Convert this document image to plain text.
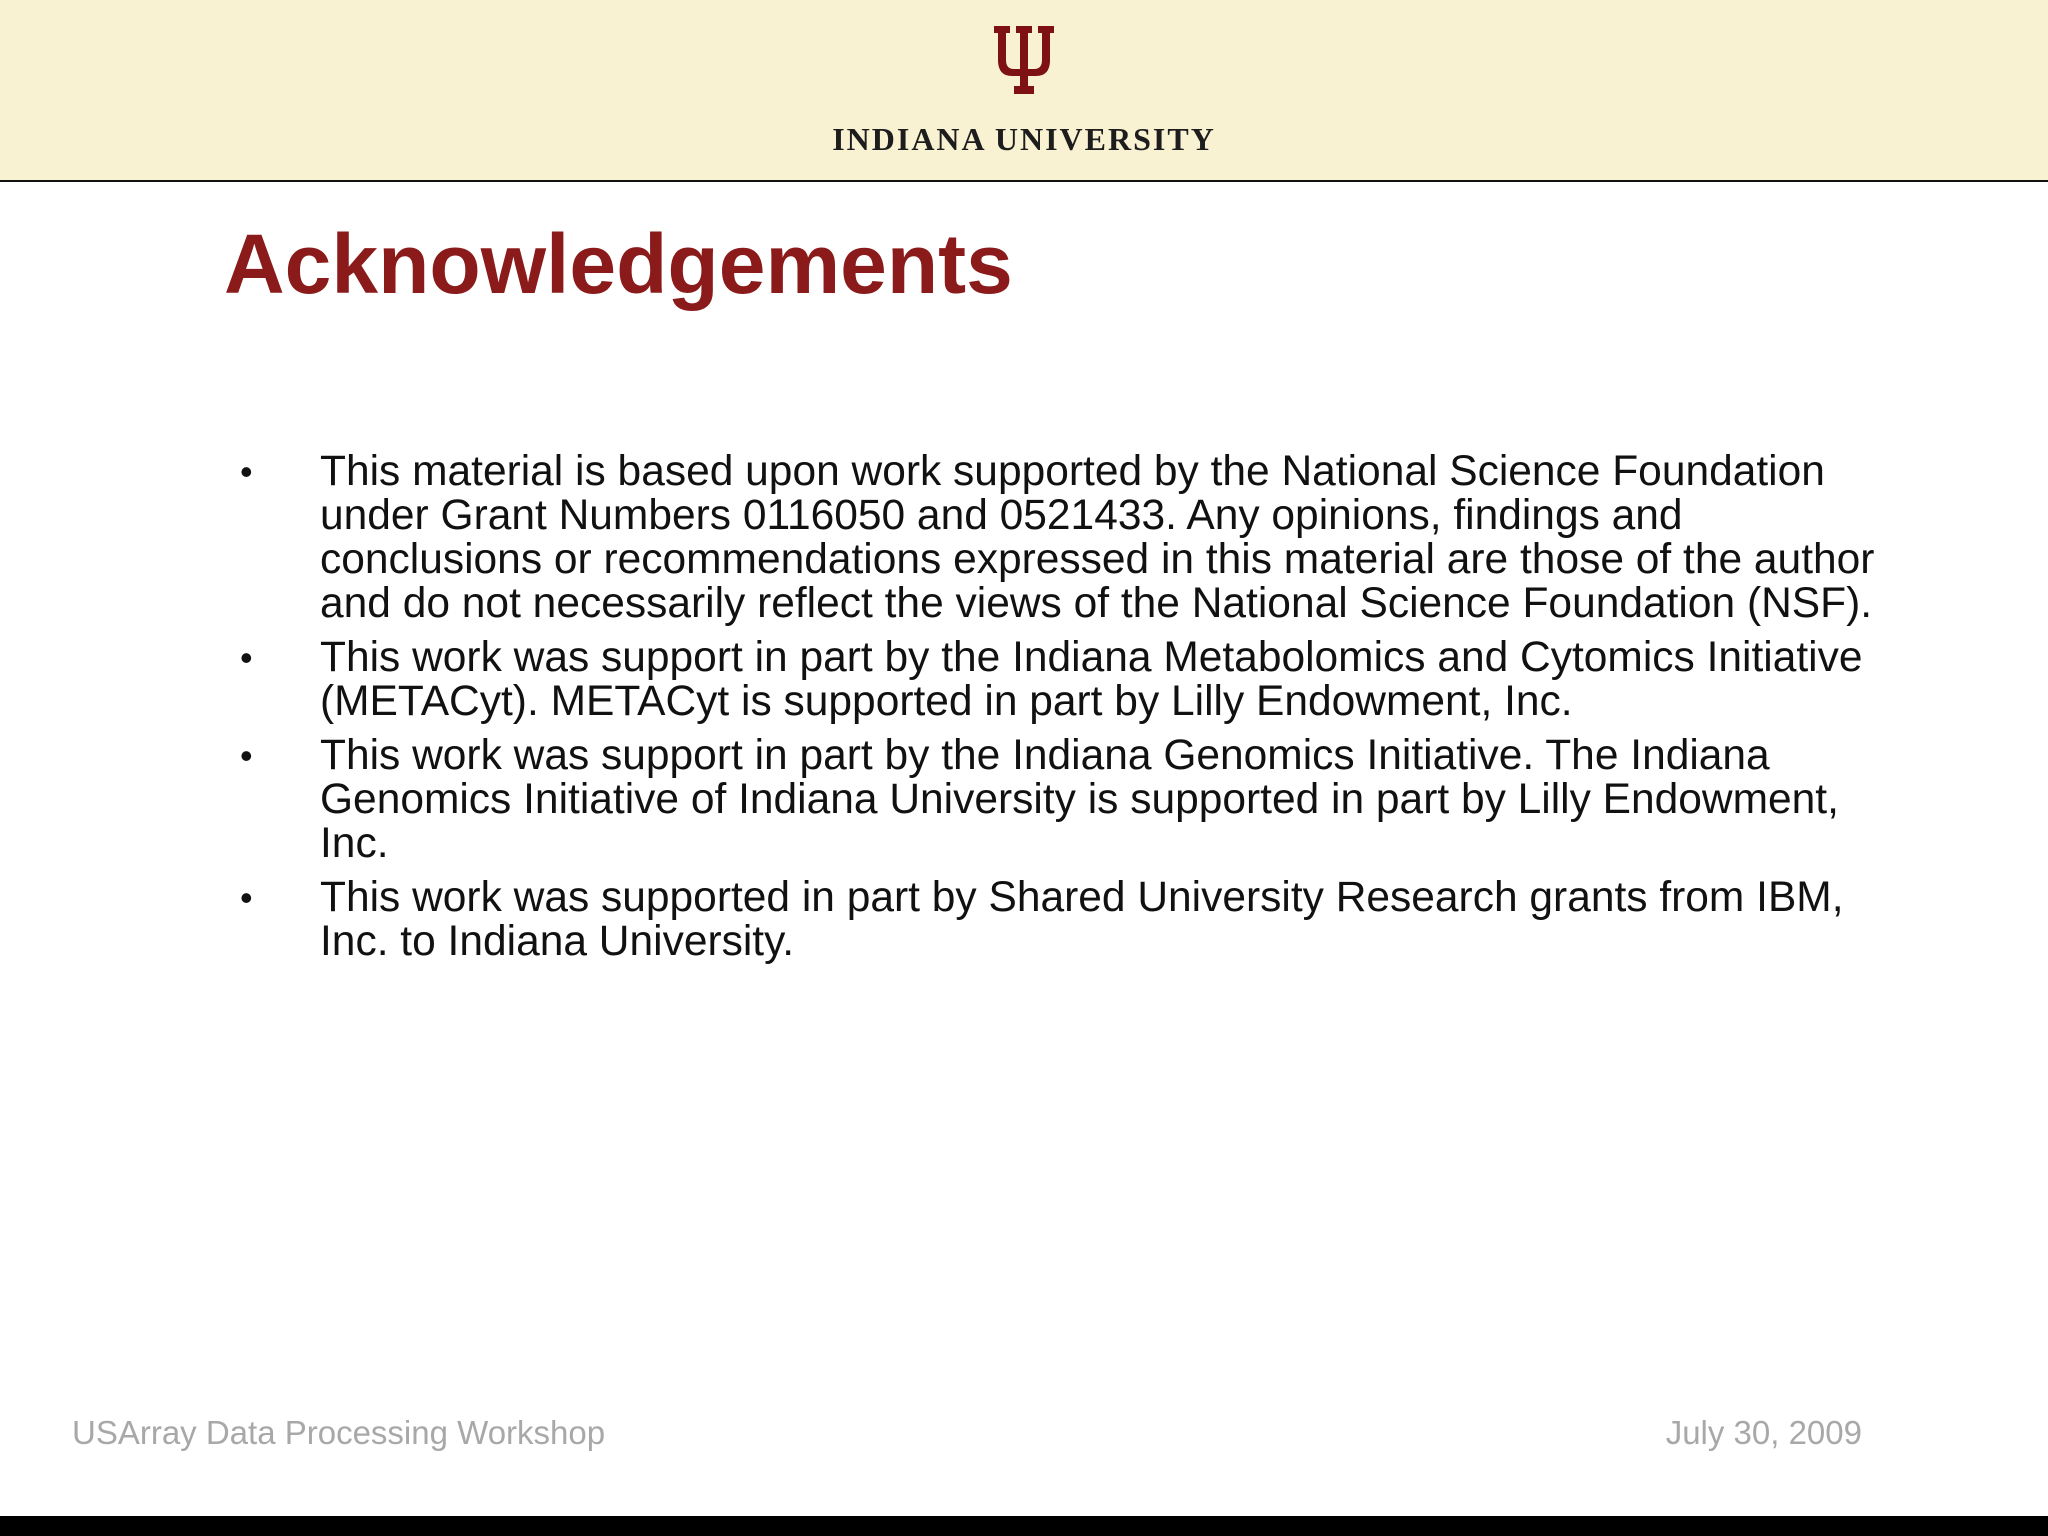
INDIANA UNIVERSITY
Acknowledgements
• This material is based upon work supported by the National Science Foundation under Grant Numbers 0116050 and 0521433. Any opinions, findings and conclusions or recommendations expressed in this material are those of the author and do not necessarily reflect the views of the National Science Foundation (NSF).
• This work was support in part by the Indiana Metabolomics and Cytomics Initiative (METACyt). METACyt is supported in part by Lilly Endowment, Inc.
• This work was support in part by the Indiana Genomics Initiative. The Indiana Genomics Initiative of Indiana University is supported in part by Lilly Endowment, Inc.
• This work was supported in part by Shared University Research grants from IBM, Inc. to Indiana University.
USArray Data Processing Workshop	July 30, 2009
